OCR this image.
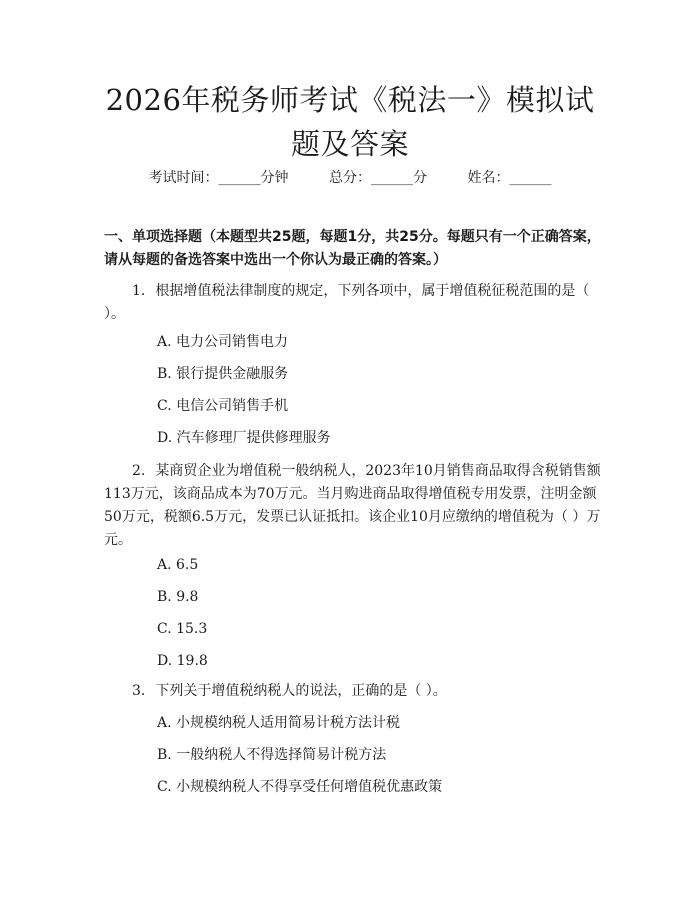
2026年税务师考试《税法一》模拟试题及答案
考试时间：______分钟	总分：______分	姓名：______
一、单项选择题（本题型共25题，每题1分，共25分。每题只有一个正确答案，请从每题的备选答案中选出一个你认为最正确的答案。）
1. 根据增值税法律制度的规定，下列各项中，属于增值税征税范围的是（ ）。
A. 电力公司销售电力
B. 银行提供金融服务
C. 电信公司销售手机
D. 汽车修理厂提供修理服务
2. 某商贸企业为增值税一般纳税人，2023年10月销售商品取得含税销售额113万元，该商品成本为70万元。当月购进商品取得增值税专用发票，注明金额50万元，税额6.5万元，发票已认证抵扣。该企业10月应缴纳的增值税为（ ）万元。
A. 6.5
B. 9.8
C. 15.3
D. 19.8
3. 下列关于增值税纳税人的说法，正确的是（ ）。
A. 小规模纳税人适用简易计税方法计税
B. 一般纳税人不得选择简易计税方法
C. 小规模纳税人不得享受任何增值税优惠政策
